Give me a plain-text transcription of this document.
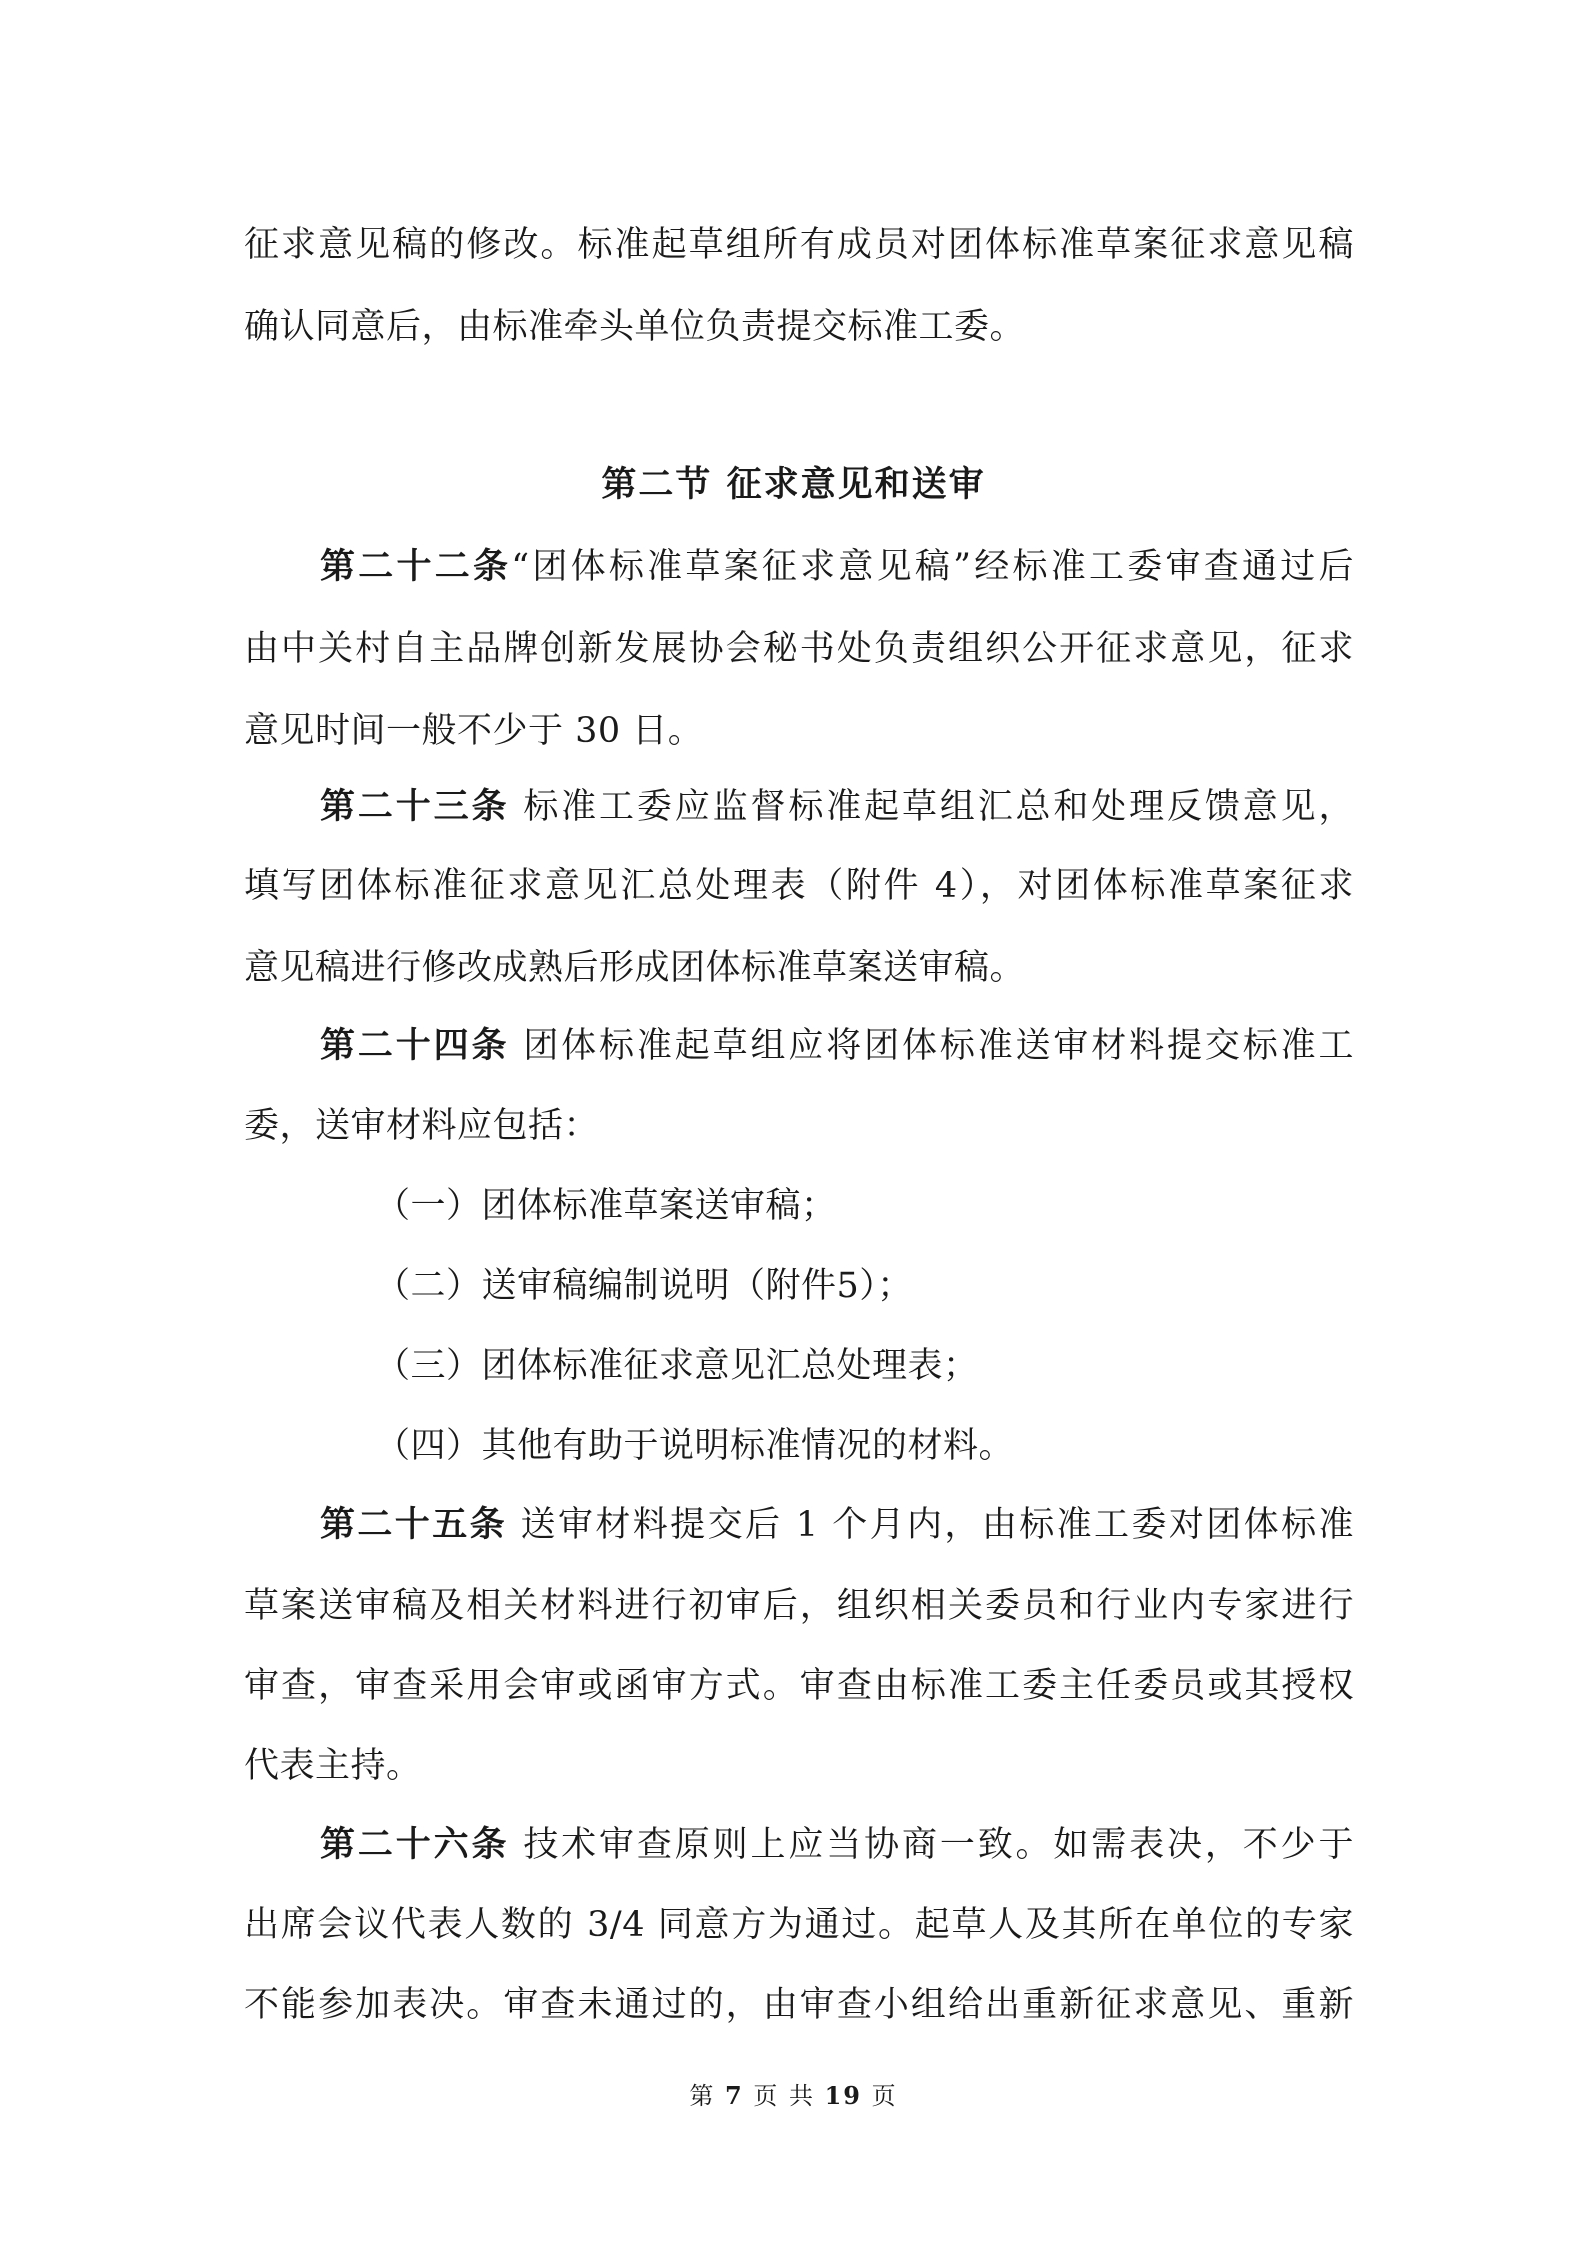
征求意见稿的修改。标准起草组所有成员对团体标准草案征求意见稿
确认同意后，由标准牵头单位负责提交标准工委。
第二节 征求意见和送审
第二十二条“团体标准草案征求意见稿”经标准工委审查通过后
由中关村自主品牌创新发展协会秘书处负责组织公开征求意见，征求
意见时间一般不少于 30 日。
第二十三条 标准工委应监督标准起草组汇总和处理反馈意见，
填写团体标准征求意见汇总处理表（附件 4），对团体标准草案征求
意见稿进行修改成熟后形成团体标准草案送审稿。
第二十四条 团体标准起草组应将团体标准送审材料提交标准工
委，送审材料应包括：
（一）团体标准草案送审稿；
（二）送审稿编制说明（附件5）；
（三）团体标准征求意见汇总处理表；
（四）其他有助于说明标准情况的材料。
第二十五条 送审材料提交后 1 个月内，由标准工委对团体标准
草案送审稿及相关材料进行初审后，组织相关委员和行业内专家进行
审查，审查采用会审或函审方式。审查由标准工委主任委员或其授权
代表主持。
第二十六条 技术审查原则上应当协商一致。如需表决，不少于
出席会议代表人数的 3/4 同意方为通过。起草人及其所在单位的专家
不能参加表决。审查未通过的，由审查小组给出重新征求意见、重新
第 7 页 共 19 页
